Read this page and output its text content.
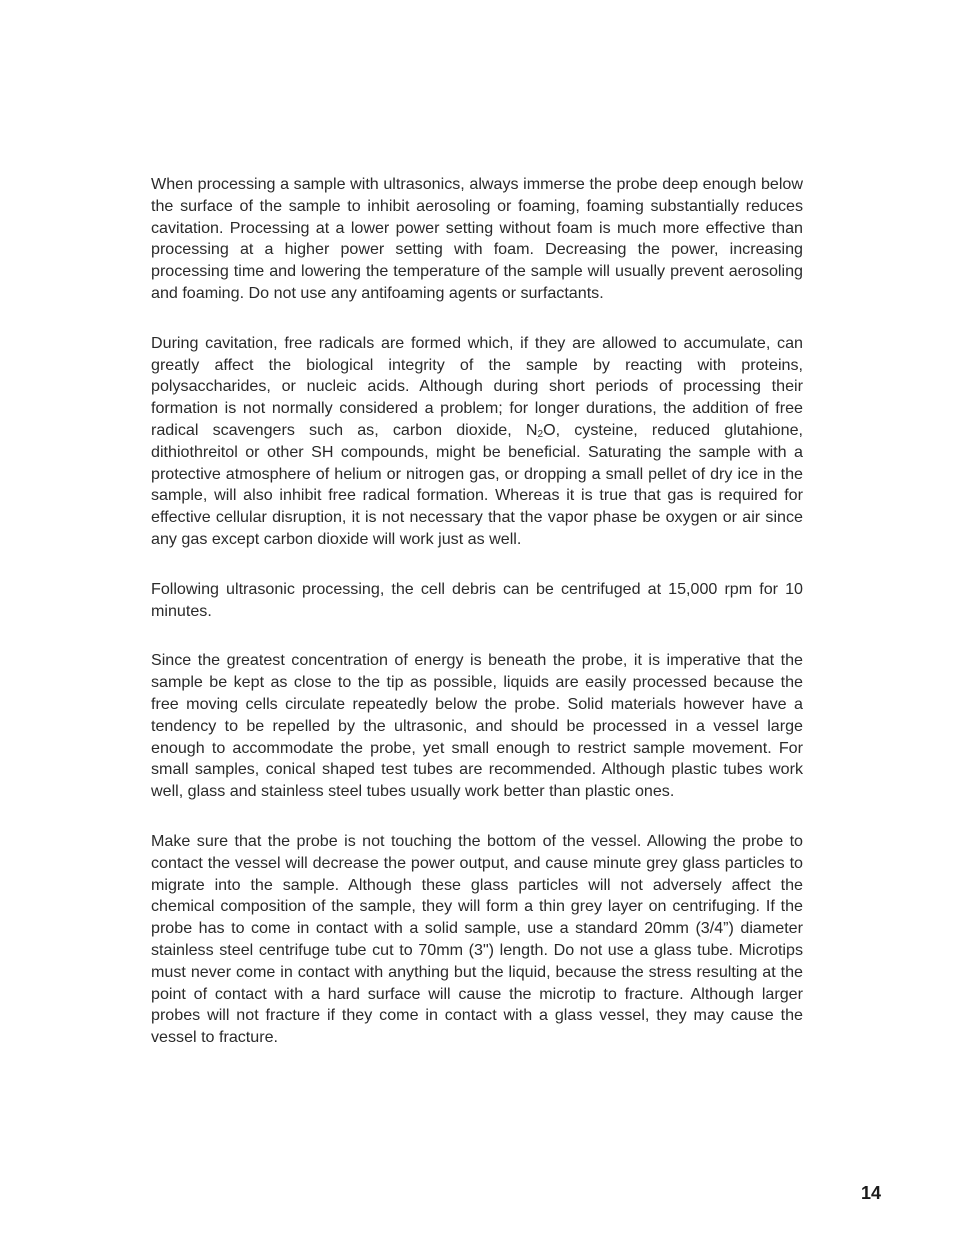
When processing a sample with ultrasonics, always immerse the probe deep enough below the surface of the sample to inhibit aerosoling or foaming, foaming substantially reduces cavitation. Processing at a lower power setting without foam is much more effective than processing at a higher power setting with foam. Decreasing the power, increasing processing time and lowering the temperature of the sample will usually prevent aerosoling and foaming. Do not use any antifoaming agents or surfactants.

During cavitation, free radicals are formed which, if they are allowed to accumulate, can greatly affect the biological integrity of the sample by reacting with proteins, polysaccharides, or nucleic acids. Although during short periods of processing their formation is not normally considered a problem; for longer durations, the addition of free radical scavengers such as, carbon dioxide, $N_2O$, cysteine, reduced glutahione, dithiothreitol or other SH compounds, might be beneficial. Saturating the sample with a protective atmosphere of helium or nitrogen gas, or dropping a small pellet of dry ice in the sample, will also inhibit free radical formation. Whereas it is true that gas is required for effective cellular disruption, it is not necessary that the vapor phase be oxygen or air since any gas except carbon dioxide will work just as well.

Following ultrasonic processing, the cell debris can be centrifuged at 15,000 rpm for 10 minutes.

Since the greatest concentration of energy is beneath the probe, it is imperative that the sample be kept as close to the tip as possible, liquids are easily processed because the free moving cells circulate repeatedly below the probe. Solid materials however have a tendency to be repelled by the ultrasonic, and should be processed in a vessel large enough to accommodate the probe, yet small enough to restrict sample movement. For small samples, conical shaped test tubes are recommended. Although plastic tubes work well, glass and stainless steel tubes usually work better than plastic ones.

Make sure that the probe is not touching the bottom of the vessel. Allowing the probe to contact the vessel will decrease the power output, and cause minute grey glass particles to migrate into the sample. Although these glass particles will not adversely affect the chemical composition of the sample, they will form a thin grey layer on centrifuging. If the probe has to come in contact with a solid sample, use a standard 20mm (3/4”) diameter stainless steel centrifuge tube cut to 70mm (3") length. Do not use a glass tube. Microtips must never come in contact with anything but the liquid, because the stress resulting at the point of contact with a hard surface will cause the microtip to fracture. Although larger probes will not fracture if they come in contact with a glass vessel, they may cause the vessel to fracture.

14
